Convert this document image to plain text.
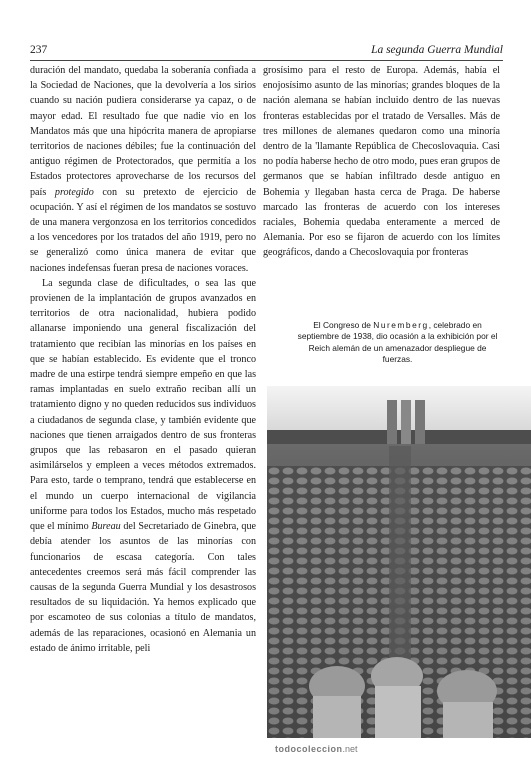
237	La segunda Guerra Mundial

duración del mandato, quedaba la soberanía confiada a la Sociedad de Naciones, que la devolvería a los sirios cuando su nación pudiera considerarse ya capaz, o de mayor edad. El resultado fue que nadie vio en los Mandatos más que una hipócrita manera de apropiarse territorios de naciones débiles; fue la continuación del antiguo régimen de Protectorados, que permitía a los Estados protectores aprovecharse de los recursos del país protegido con su pretexto de ejercicio de ocupación. Y así el régimen de los mandatos se sostuvo de una manera vergonzosa en los territorios concedidos a los vencedores por los tratados del año 1919, pero no se generalizó como única manera de evitar que naciones indefensas fueran presa de naciones voraces.

La segunda clase de dificultades, o sea las que provienen de la implantación de grupos avanzados en territorios de otra nacionalidad, hubiera podido allanarse imponiendo una general fiscalización del tratamiento que recibían las minorías en los países en que se habían establecido. Es evidente que el tronco madre de una estirpe tendrá siempre empeño en que las ramas implantadas en suelo extraño reciban allí un tratamiento digno y no queden reducidos sus individuos a ciudadanos de segunda clase, y también evidente que naciones que tienen arraigados dentro de sus fronteras grupos que las rebasaron en el pasado quieran asimilárselos y empleen a veces métodos extremados. Para esto, tarde o temprano, tendrá que establecerse en el mundo un cuerpo internacional de vigilancia uniforme para todos los Estados, mucho más respetado que el mínimo Bureau del Secretariado de Ginebra, que debía atender los asuntos de las minorías con funcionarios de escasa categoría. Con tales antecedentes creemos será más fácil comprender las causas de la segunda Guerra Mundial y los desastrosos resultados de su liquidación. Ya hemos explicado que por escamoteo de sus colonias a título de mandatos, además de las reparaciones, ocasionó en Alemania un estado de ánimo irritable, peli

grosísimo para el resto de Europa. Además, había el enojosísimo asunto de las minorías; grandes bloques de la nación alemana se habían incluido dentro de las nuevas fronteras establecidas por el tratado de Versalles. Más de tres millones de alemanes quedaron como una minoría dentro de la 'llamante República de Checoslovaquia. Casi no podía haberse hecho de otro modo, pues eran grupos de germanos que se habían infiltrado desde antiguo en Bohemia y llegaban hasta cerca de Praga. De haberse marcado las fronteras de acuerdo con los intereses raciales, Bohemia quedaba enteramente a merced de Alemania. Por eso se fijaron de acuerdo con los límites geográficos, dando a Checoslovaquia por fronteras

El Congreso de Nuremberg, celebrado en septiembre de 1938, dio ocasión a la exhibición por el Reich alemán de un amenazador despliegue de fuerzas.
todocoleccion.net
